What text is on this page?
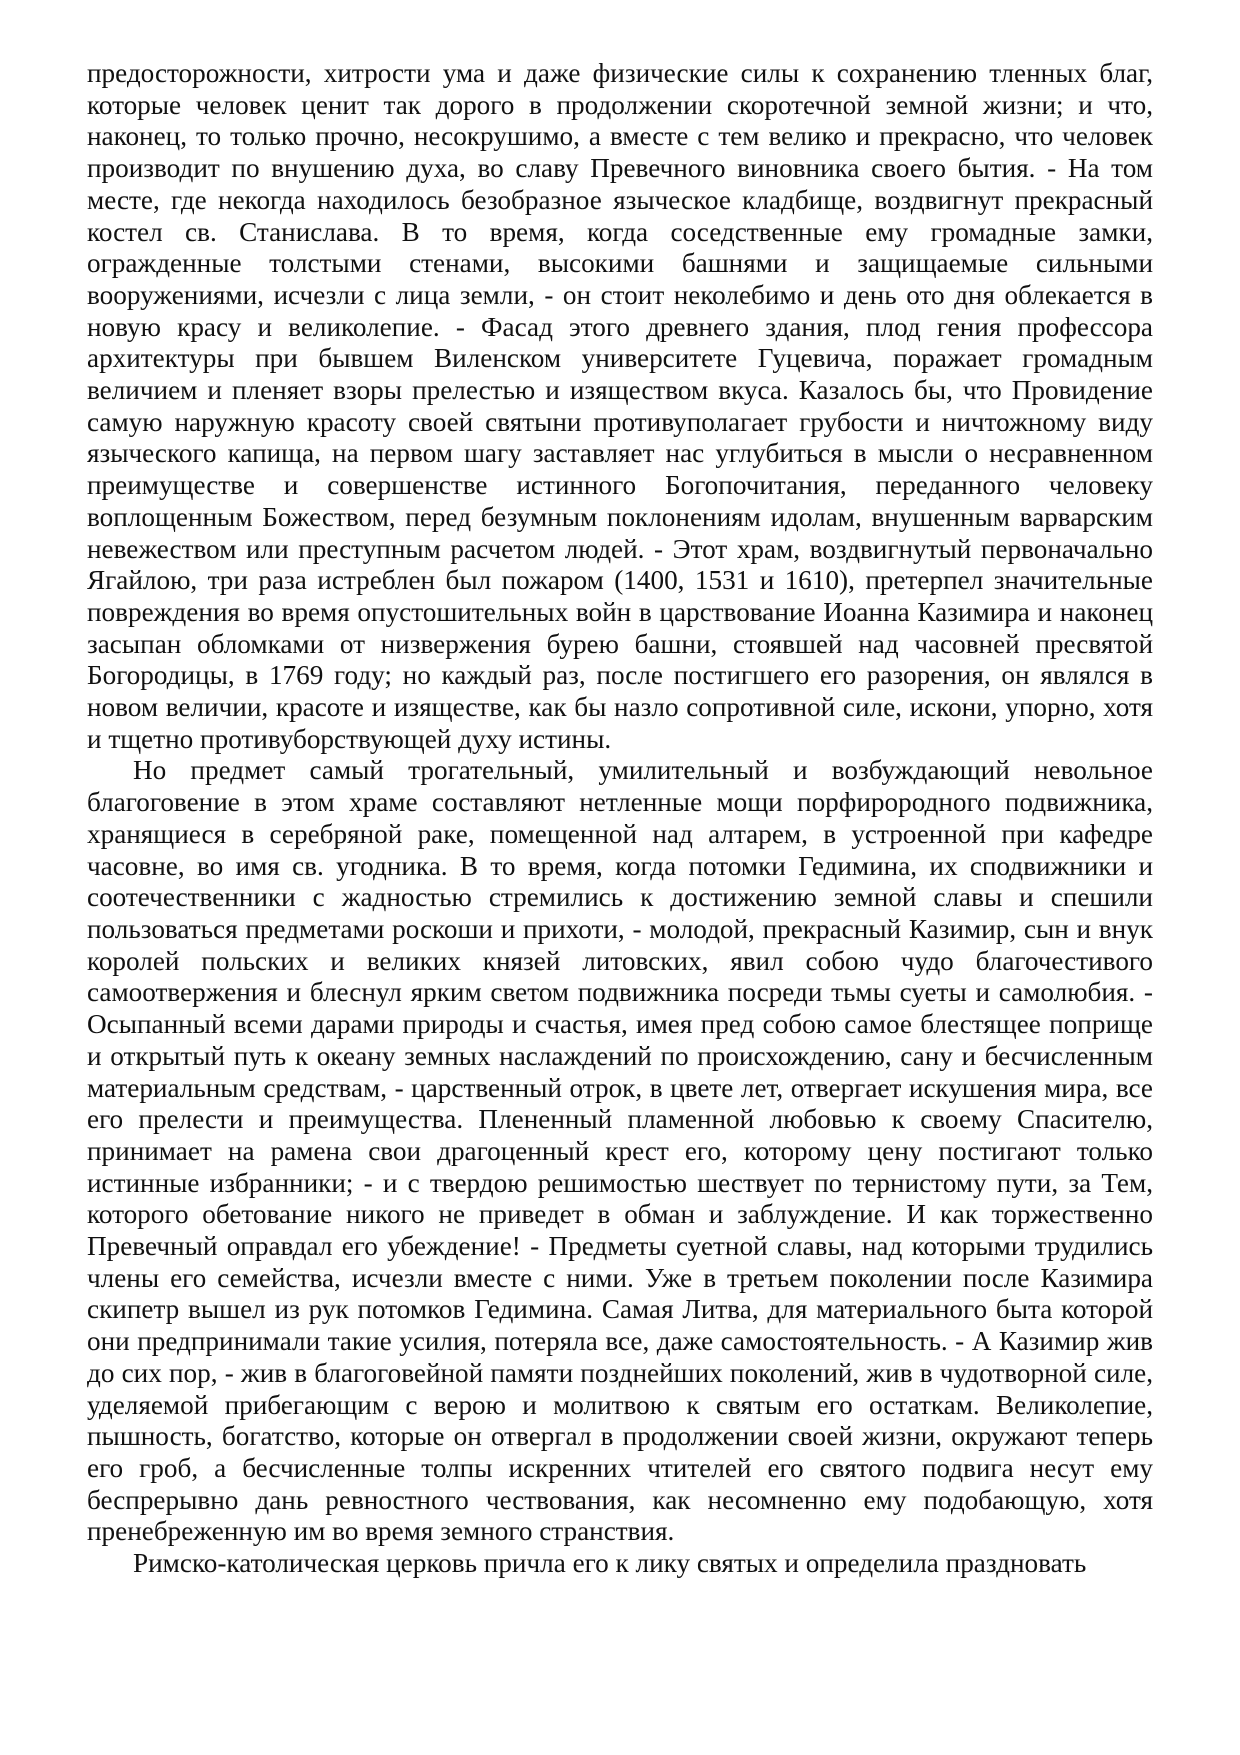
предосторожности, хитрости ума и даже физические силы к сохранению тленных благ, которые человек ценит так дорого в продолжении скоротечной земной жизни; и что, наконец, то только прочно, несокрушимо, а вместе с тем велико и прекрасно, что человек производит по внушению духа, во славу Превечного виновника своего бытия. - На том месте, где некогда находилось безобразное языческое кладбище, воздвигнут прекрасный костел св. Станислава. В то время, когда соседственные ему громадные замки, огражденные толстыми стенами, высокими башнями и защищаемые сильными вооружениями, исчезли с лица земли, - он стоит неколебимо и день ото дня облекается в новую красу и великолепие. - Фасад этого древнего здания, плод гения профессора архитектуры при бывшем Виленском университете Гуцевича, поражает громадным величием и пленяет взоры прелестью и изяществом вкуса. Казалось бы, что Провидение самую наружную красоту своей святыни противуполагает грубости и ничтожному виду языческого капища, на первом шагу заставляет нас углубиться в мысли о несравненном преимуществе и совершенстве истинного Богопочитания, переданного человеку воплощенным Божеством, перед безумным поклонениям идолам, внушенным варварским невежеством или преступным расчетом людей. - Этот храм, воздвигнутый первоначально Ягайлою, три раза истреблен был пожаром (1400, 1531 и 1610), претерпел значительные повреждения во время опустошительных войн в царствование Иоанна Казимира и наконец засыпан обломками от низвержения бурею башни, стоявшей над часовней пресвятой Богородицы, в 1769 году; но каждый раз, после постигшего его разорения, он являлся в новом величии, красоте и изяществе, как бы назло сопротивной силе, искони, упорно, хотя и тщетно противуборствующей духу истины.

Но предмет самый трогательный, умилительный и возбуждающий невольное благоговение в этом храме составляют нетленные мощи порфирородного подвижника, хранящиеся в серебряной раке, помещенной над алтарем, в устроенной при кафедре часовне, во имя св. угодника. В то время, когда потомки Гедимина, их сподвижники и соотечественники с жадностью стремились к достижению земной славы и спешили пользоваться предметами роскоши и прихоти, - молодой, прекрасный Казимир, сын и внук королей польских и великих князей литовских, явил собою чудо благочестивого самоотвержения и блеснул ярким светом подвижника посреди тьмы суеты и самолюбия. - Осыпанный всеми дарами природы и счастья, имея пред собою самое блестящее поприще и открытый путь к океану земных наслаждений по происхождению, сану и бесчисленным материальным средствам, - царственный отрок, в цвете лет, отвергает искушения мира, все его прелести и преимущества. Плененный пламенной любовью к своему Спасителю, принимает на рамена свои драгоценный крест его, которому цену постигают только истинные избранники; - и с твердою решимостью шествует по тернистому пути, за Тем, которого обетование никого не приведет в обман и заблуждение. И как торжественно Превечный оправдал его убеждение! - Предметы суетной славы, над которыми трудились члены его семейства, исчезли вместе с ними. Уже в третьем поколении после Казимира скипетр вышел из рук потомков Гедимина. Самая Литва, для материального быта которой они предпринимали такие усилия, потеряла все, даже самостоятельность. - А Казимир жив до сих пор, - жив в благоговейной памяти позднейших поколений, жив в чудотворной силе, уделяемой прибегающим с верою и молитвою к святым его остаткам. Великолепие, пышность, богатство, которые он отвергал в продолжении своей жизни, окружают теперь его гроб, а бесчисленные толпы искренних чтителей его святого подвига несут ему беспрерывно дань ревностного чествования, как несомненно ему подобающую, хотя пренебреженную им во время земного странствия.

Римско-католическая церковь причла его к лику святых и определила праздновать
